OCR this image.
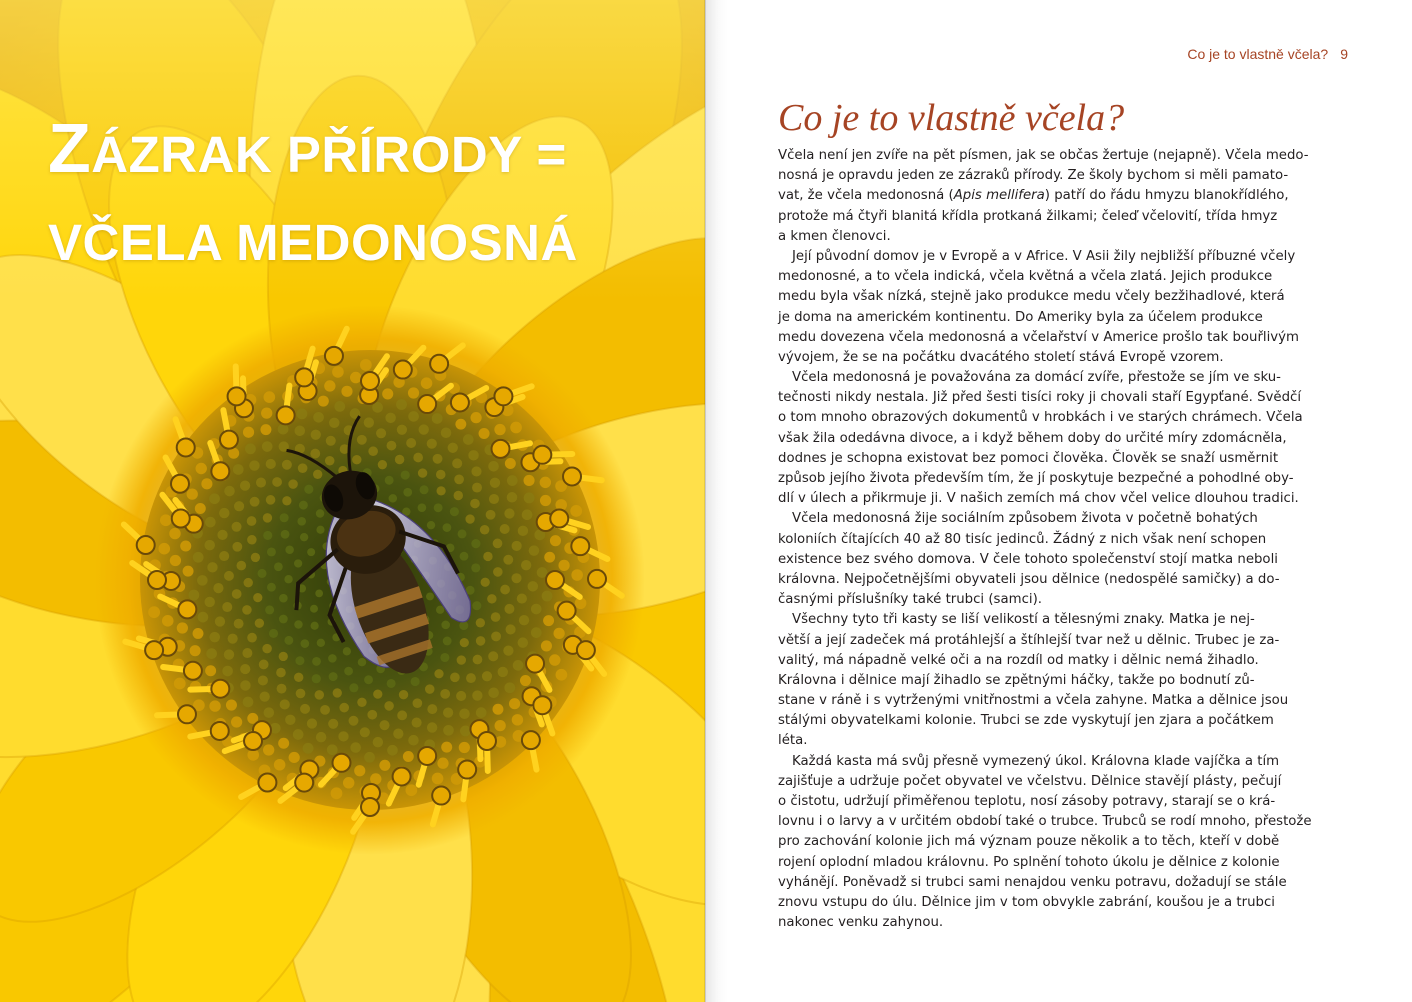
ZÁZRAK PŘÍRODY =
VČELA MEDONOSNÁ
Co je to vlastně včela? 9
Co je to vlastně včela?
Včela není jen zvíře na pět písmen, jak se občas žertuje (nejapně). Včela medo-
nosná je opravdu jeden ze zázraků přírody. Ze školy bychom si měli pamato-
vat, že včela medonosná (Apis mellifera) patří do řádu hmyzu blanokřídlého,
protože má čtyři blanitá křídla protkaná žilkami; čeleď včelovití, třída hmyz
a kmen členovci.
Její původní domov je v Evropě a v Africe. V Asii žily nejbližší příbuzné včely
medonosné, a to včela indická, včela květná a včela zlatá. Jejich produkce
medu byla však nízká, stejně jako produkce medu včely bezžihadlové, která
je doma na americkém kontinentu. Do Ameriky byla za účelem produkce
medu dovezena včela medonosná a včelařství v Americe prošlo tak bouřlivým
vývojem, že se na počátku dvacátého století stává Evropě vzorem.
Včela medonosná je považována za domácí zvíře, přestože se jím ve sku-
tečnosti nikdy nestala. Již před šesti tisíci roky ji chovali staří Egypťané. Svědčí
o tom mnoho obrazových dokumentů v hrobkách i ve starých chrámech. Včela
však žila odedávna divoce, a i když během doby do určité míry zdomácněla,
dodnes je schopna existovat bez pomoci člověka. Člověk se snaží usměrnit
způsob jejího života především tím, že jí poskytuje bezpečné a pohodlné oby-
dlí v úlech a přikrmuje ji. V našich zemích má chov včel velice dlouhou tradici.
Včela medonosná žije sociálním způsobem života v početně bohatých
koloniích čítajících 40 až 80 tisíc jedinců. Žádný z nich však není schopen
existence bez svého domova. V čele tohoto společenství stojí matka neboli
královna. Nejpočetnějšími obyvateli jsou dělnice (nedospělé samičky) a do-
časnými příslušníky také trubci (samci).
Všechny tyto tři kasty se liší velikostí a tělesnými znaky. Matka je nej-
větší a její zadeček má protáhlejší a štíhlejší tvar než u dělnic. Trubec je za-
valitý, má nápadně velké oči a na rozdíl od matky i dělnic nemá žihadlo.
Královna i dělnice mají žihadlo se zpětnými háčky, takže po bodnutí zů-
stane v ráně i s vytrženými vnitřnostmi a včela zahyne. Matka a dělnice jsou
stálými obyvatelkami kolonie. Trubci se zde vyskytují jen zjara a počátkem
léta.
Každá kasta má svůj přesně vymezený úkol. Královna klade vajíčka a tím
zajišťuje a udržuje počet obyvatel ve včelstvu. Dělnice stavějí plásty, pečují
o čistotu, udržují přiměřenou teplotu, nosí zásoby potravy, starají se o krá-
lovnu i o larvy a v určitém období také o trubce. Trubců se rodí mnoho, přestože
pro zachování kolonie jich má význam pouze několik a to těch, kteří v době
rojení oplodní mladou královnu. Po splnění tohoto úkolu je dělnice z kolonie
vyhánějí. Poněvadž si trubci sami nenajdou venku potravu, dožadují se stále
znovu vstupu do úlu. Dělnice jim v tom obvykle zabrání, koušou je a trubci
nakonec venku zahynou.
